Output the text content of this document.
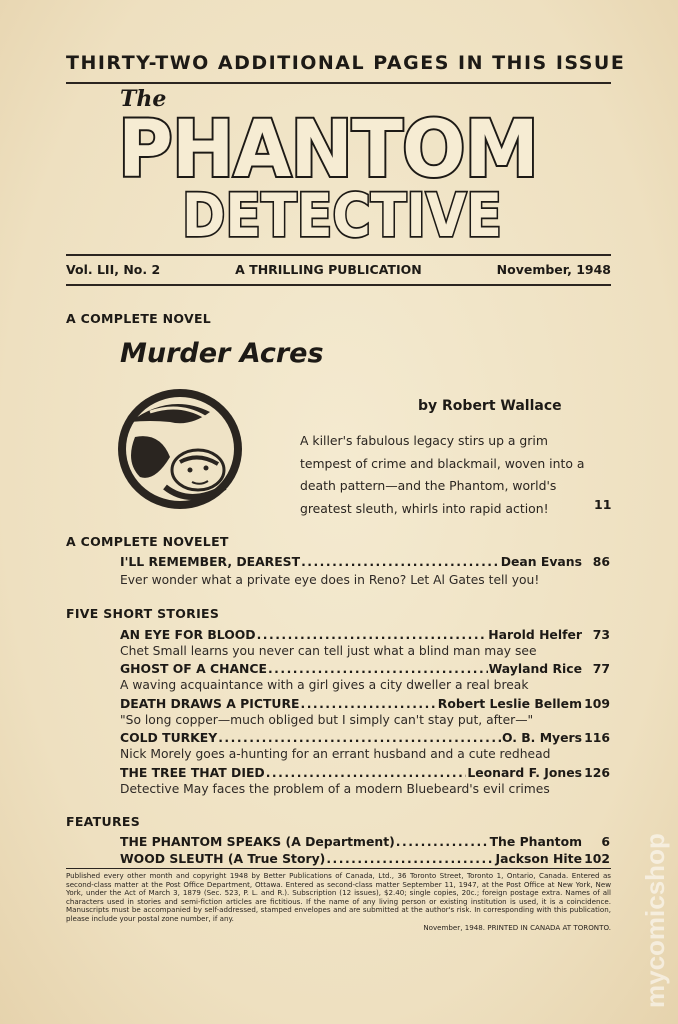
THIRTY-TWO ADDITIONAL PAGES IN THIS ISSUE
The
PHANTOM
DETECTIVE
Vol. LII, No. 2	A THRILLING PUBLICATION	November, 1948
A COMPLETE NOVEL
Murder Acres
by Robert Wallace
A killer's fabulous legacy stirs up a grim tempest of crime and blackmail, woven into a death pattern—and the Phantom, world's greatest sleuth, whirls into rapid action!	11
A COMPLETE NOVELET
I'LL REMEMBER, DEAREST .....	Dean Evans 86
Ever wonder what a private eye does in Reno? Let Al Gates tell you!
FIVE SHORT STORIES
AN EYE FOR BLOOD .....	Harold Helfer 73
Chet Small learns you never can tell just what a blind man may see
GHOST OF A CHANCE .....	Wayland Rice 77
A waving acquaintance with a girl gives a city dweller a real break
DEATH DRAWS A PICTURE .....	Robert Leslie Bellem 109
"So long copper—much obliged but I simply can't stay put, after—"
COLD TURKEY .....	O. B. Myers 116
Nick Morely goes a-hunting for an errant husband and a cute redhead
THE TREE THAT DIED .....	Leonard F. Jones 126
Detective May faces the problem of a modern Bluebeard's evil crimes
FEATURES
THE PHANTOM SPEAKS (A Department) .....	The Phantom	6
WOOD SLEUTH (A True Story) .....	Jackson Hite 102
Published every other month and copyright 1948 by Better Publications of Canada, Ltd., 36 Toronto Street, Toronto 1, Ontario, Canada. Entered as second-class matter at the Post Office Department, Ottawa. Entered as second-class matter September 11, 1947, at the Post Office at New York, New York, under the Act of March 3, 1879 (Sec. 523, P. L. and R.). Subscription (12 issues), $2.40; single copies, 20c.; foreign postage extra. Names of all characters used in stories and semi-fiction articles are fictitious. If the name of any living person or existing institution is used, it is a coincidence. Manuscripts must be accompanied by self-addressed, stamped envelopes and are submitted at the author's risk. In corresponding with this publication, please include your postal zone number, if any.
November, 1948. PRINTED IN CANADA AT TORONTO. mycomicshop
